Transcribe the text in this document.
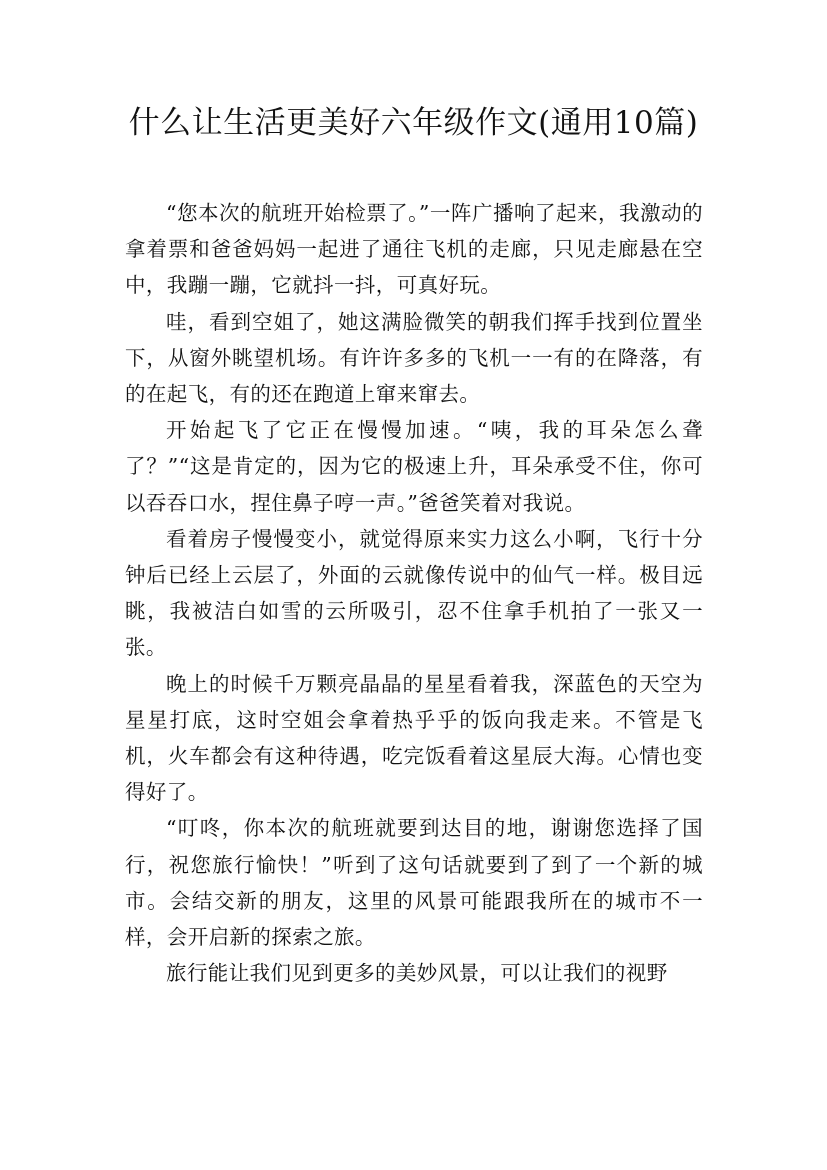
什么让生活更美好六年级作文(通用10篇)

“您本次的航班开始检票了。”一阵广播响了起来，我激动的拿着票和爸爸妈妈一起进了通往飞机的走廊，只见走廊悬在空中，我蹦一蹦，它就抖一抖，可真好玩。

哇，看到空姐了，她这满脸微笑的朝我们挥手找到位置坐下，从窗外眺望机场。有许许多多的飞机一一有的在降落，有的在起飞，有的还在跑道上窜来窜去。

开始起飞了它正在慢慢加速。“咦，我的耳朵怎么聋了？”“这是肯定的，因为它的极速上升，耳朵承受不住，你可以吞吞口水，捏住鼻子哼一声。”爸爸笑着对我说。

看着房子慢慢变小，就觉得原来实力这么小啊，飞行十分钟后已经上云层了，外面的云就像传说中的仙气一样。极目远眺，我被洁白如雪的云所吸引，忍不住拿手机拍了一张又一张。

晚上的时候千万颗亮晶晶的星星看着我，深蓝色的天空为星星打底，这时空姐会拿着热乎乎的饭向我走来。不管是飞机，火车都会有这种待遇，吃完饭看着这星辰大海。心情也变得好了。

“叮咚，你本次的航班就要到达目的地，谢谢您选择了国行，祝您旅行愉快！”听到了这句话就要到了到了一个新的城市。会结交新的朋友，这里的风景可能跟我所在的城市不一样，会开启新的探索之旅。

旅行能让我们见到更多的美妙风景，可以让我们的视野
